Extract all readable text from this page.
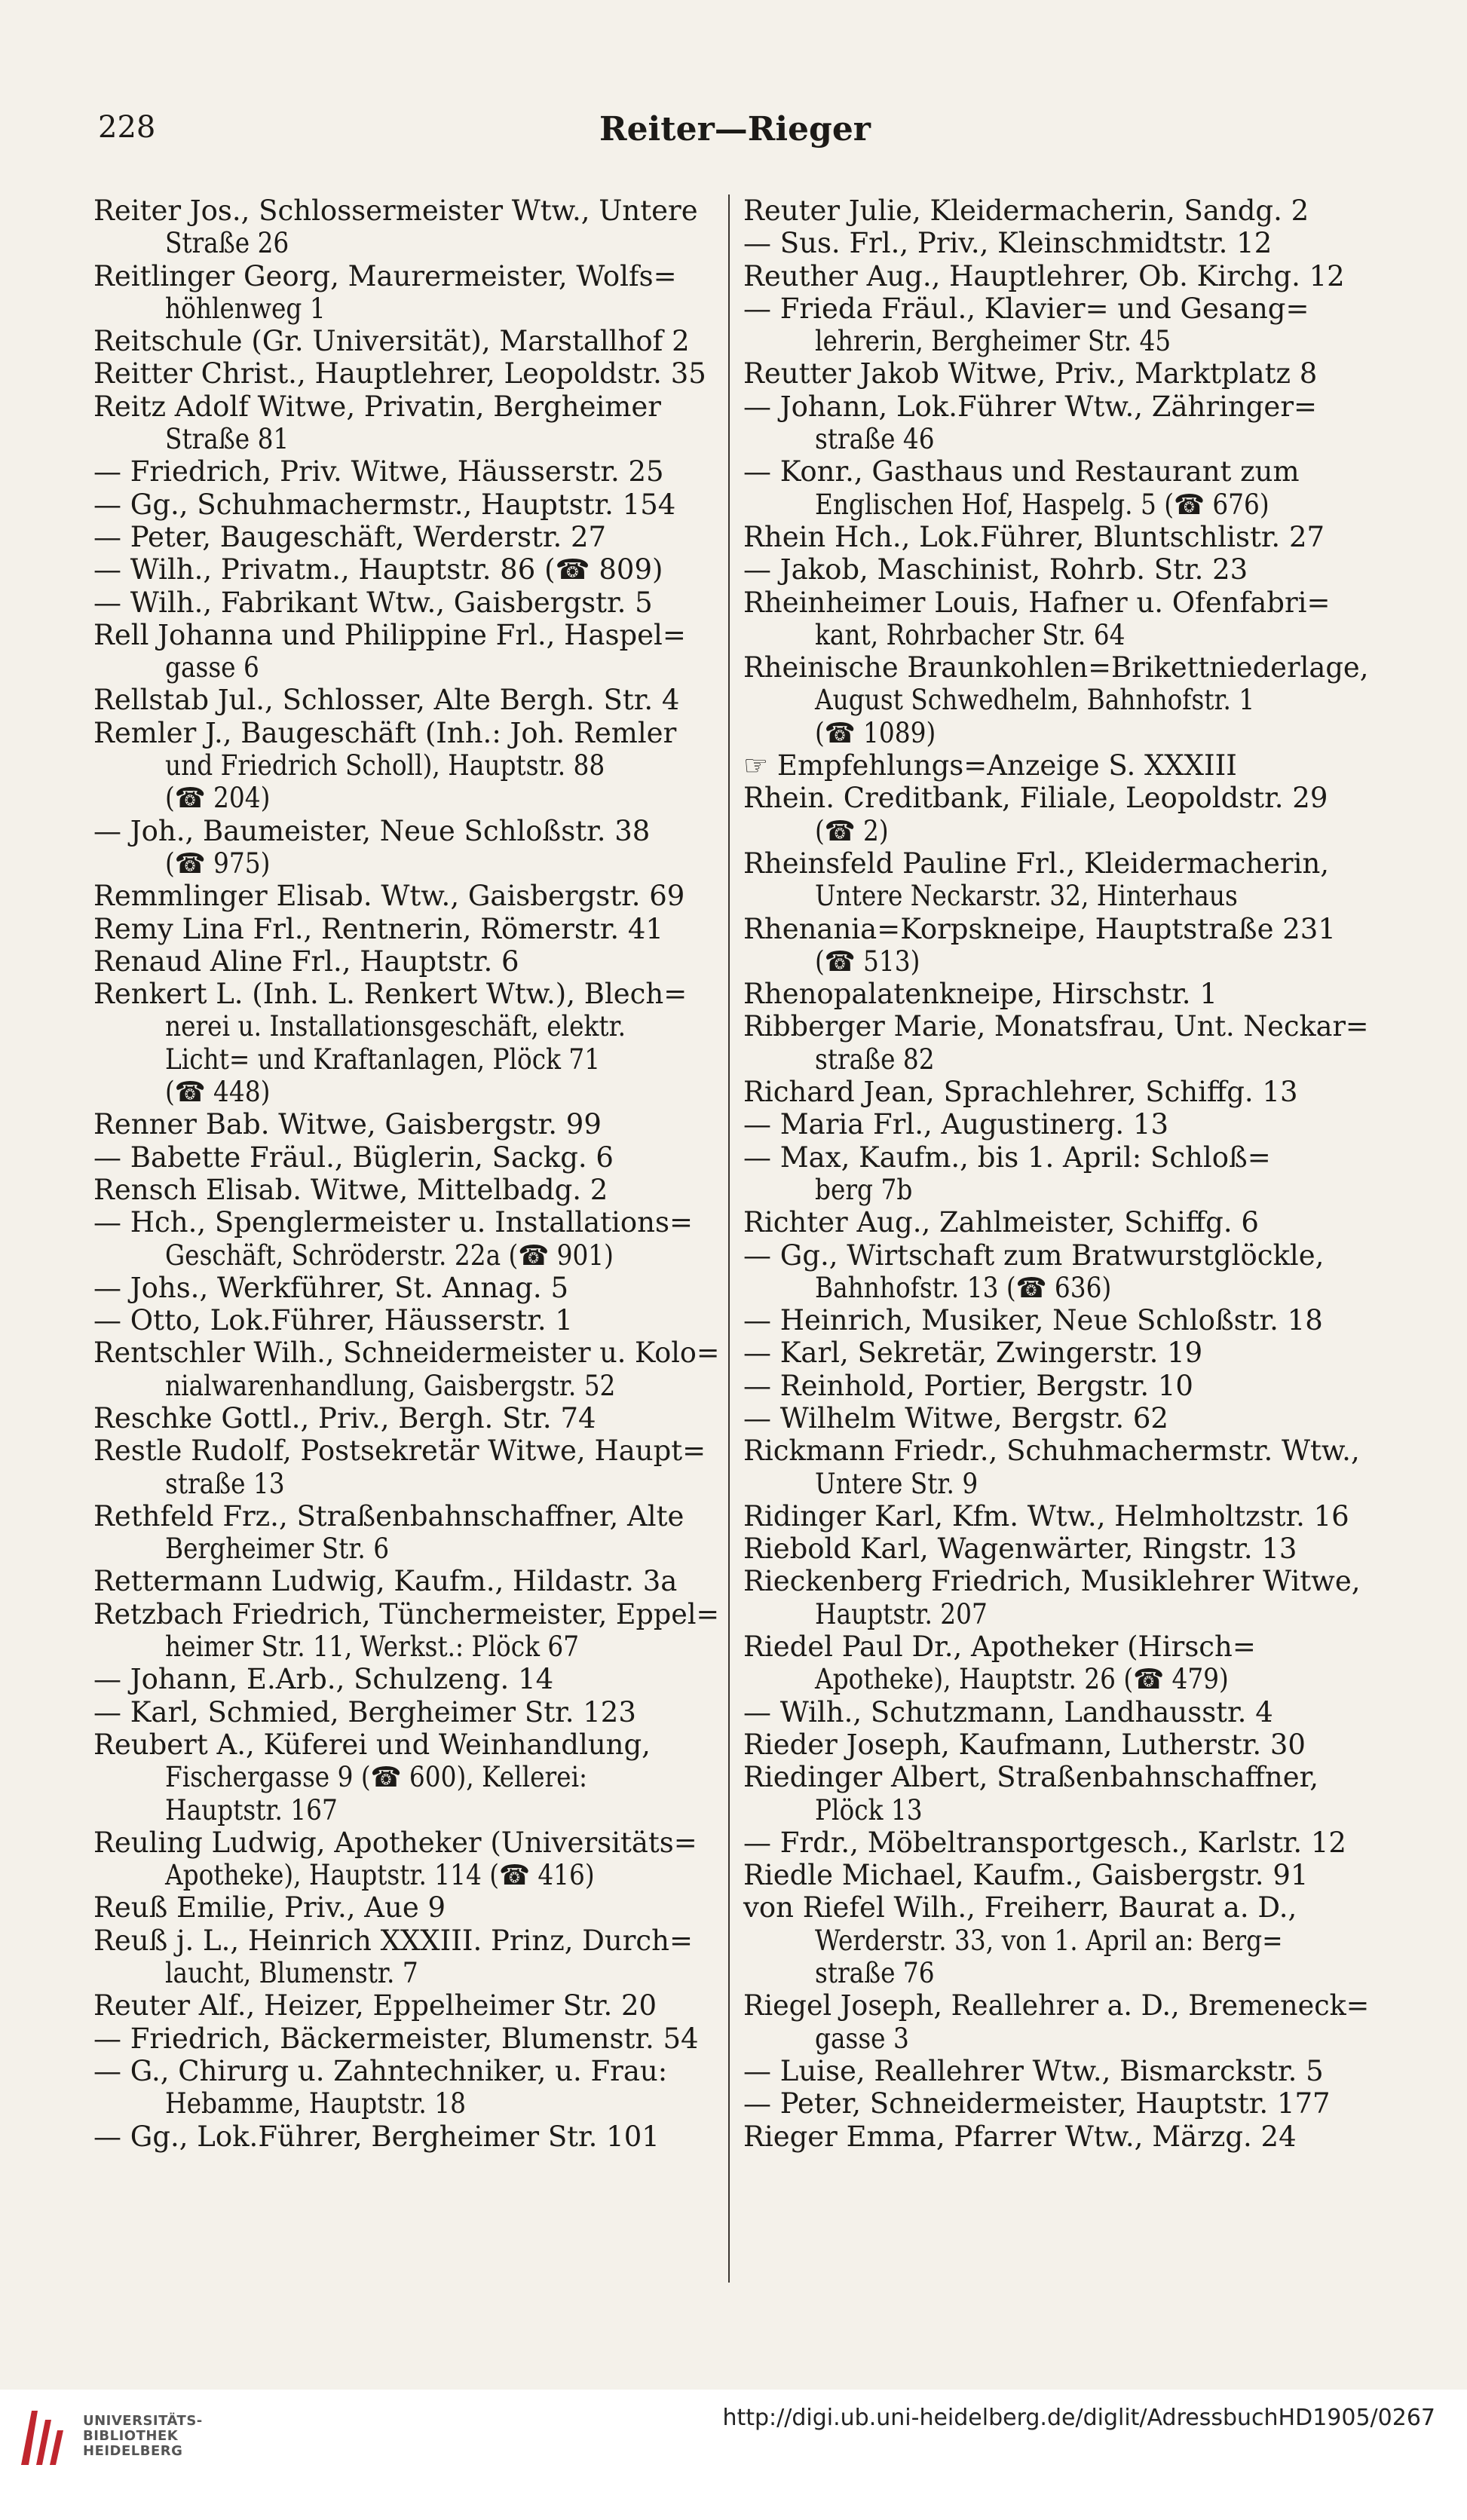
228	Reiter—Rieger
Reiter Jos., Schlossermeister Wtw., Untere
Straße 26
Reitlinger Georg, Maurermeister, Wolfs=
höhlenweg 1
Reitschule (Gr. Universität), Marstallhof 2
Reitter Christ., Hauptlehrer, Leopoldstr. 35
Reitz Adolf Witwe, Privatin, Bergheimer
Straße 81
— Friedrich, Priv. Witwe, Häusserstr. 25
— Gg., Schuhmachermstr., Hauptstr. 154
— Peter, Baugeschäft, Werderstr. 27
— Wilh., Privatm., Hauptstr. 86 (☎ 809)
— Wilh., Fabrikant Wtw., Gaisbergstr. 5
Rell Johanna und Philippine Frl., Haspel=
gasse 6
Rellstab Jul., Schlosser, Alte Bergh. Str. 4
Remler J., Baugeschäft (Inh.: Joh. Remler
und Friedrich Scholl), Hauptstr. 88
(☎ 204)
— Joh., Baumeister, Neue Schloßstr. 38
(☎ 975)
Remmlinger Elisab. Wtw., Gaisbergstr. 69
Remy Lina Frl., Rentnerin, Römerstr. 41
Renaud Aline Frl., Hauptstr. 6
Renkert L. (Inh. L. Renkert Wtw.), Blech=
nerei u. Installationsgeschäft, elektr.
Licht= und Kraftanlagen, Plöck 71
(☎ 448)
Renner Bab. Witwe, Gaisbergstr. 99
— Babette Fräul., Büglerin, Sackg. 6
Rensch Elisab. Witwe, Mittelbadg. 2
— Hch., Spenglermeister u. Installations=
Geschäft, Schröderstr. 22a (☎ 901)
— Johs., Werkführer, St. Annag. 5
— Otto, Lok.Führer, Häusserstr. 1
Rentschler Wilh., Schneidermeister u. Kolo=
nialwarenhandlung, Gaisbergstr. 52
Reschke Gottl., Priv., Bergh. Str. 74
Restle Rudolf, Postsekretär Witwe, Haupt=
straße 13
Rethfeld Frz., Straßenbahnschaffner, Alte
Bergheimer Str. 6
Rettermann Ludwig, Kaufm., Hildastr. 3a
Retzbach Friedrich, Tünchermeister, Eppel=
heimer Str. 11, Werkst.: Plöck 67
— Johann, E.Arb., Schulzeng. 14
— Karl, Schmied, Bergheimer Str. 123
Reubert A., Küferei und Weinhandlung,
Fischergasse 9 (☎ 600), Kellerei:
Hauptstr. 167
Reuling Ludwig, Apotheker (Universitäts=
Apotheke), Hauptstr. 114 (☎ 416)
Reuß Emilie, Priv., Aue 9
Reuß j. L., Heinrich XXXIII. Prinz, Durch=
laucht, Blumenstr. 7
Reuter Alf., Heizer, Eppelheimer Str. 20
— Friedrich, Bäckermeister, Blumenstr. 54
— G., Chirurg u. Zahntechniker, u. Frau:
Hebamme, Hauptstr. 18
— Gg., Lok.Führer, Bergheimer Str. 101
Reuter Julie, Kleidermacherin, Sandg. 2
— Sus. Frl., Priv., Kleinschmidtstr. 12
Reuther Aug., Hauptlehrer, Ob. Kirchg. 12
— Frieda Fräul., Klavier= und Gesang=
lehrerin, Bergheimer Str. 45
Reutter Jakob Witwe, Priv., Marktplatz 8
— Johann, Lok.Führer Wtw., Zähringer=
straße 46
— Konr., Gasthaus und Restaurant zum
Englischen Hof, Haspelg. 5 (☎ 676)
Rhein Hch., Lok.Führer, Bluntschlistr. 27
— Jakob, Maschinist, Rohrb. Str. 23
Rheinheimer Louis, Hafner u. Ofenfabri=
kant, Rohrbacher Str. 64
Rheinische Braunkohlen=Brikettniederlage,
August Schwedhelm, Bahnhofstr. 1
(☎ 1089)
☞ Empfehlungs=Anzeige S. XXXIII
Rhein. Creditbank, Filiale, Leopoldstr. 29
(☎ 2)
Rheinsfeld Pauline Frl., Kleidermacherin,
Untere Neckarstr. 32, Hinterhaus
Rhenania=Korpskneipe, Hauptstraße 231
(☎ 513)
Rhenopalatenkneipe, Hirschstr. 1
Ribberger Marie, Monatsfrau, Unt. Neckar=
straße 82
Richard Jean, Sprachlehrer, Schiffg. 13
— Maria Frl., Augustinerg. 13
— Max, Kaufm., bis 1. April: Schloß=
berg 7b
Richter Aug., Zahlmeister, Schiffg. 6
— Gg., Wirtschaft zum Bratwurstglöckle,
Bahnhofstr. 13 (☎ 636)
— Heinrich, Musiker, Neue Schloßstr. 18
— Karl, Sekretär, Zwingerstr. 19
— Reinhold, Portier, Bergstr. 10
— Wilhelm Witwe, Bergstr. 62
Rickmann Friedr., Schuhmachermstr. Wtw.,
Untere Str. 9
Ridinger Karl, Kfm. Wtw., Helmholtzstr. 16
Riebold Karl, Wagenwärter, Ringstr. 13
Rieckenberg Friedrich, Musiklehrer Witwe,
Hauptstr. 207
Riedel Paul Dr., Apotheker (Hirsch=
Apotheke), Hauptstr. 26 (☎ 479)
— Wilh., Schutzmann, Landhausstr. 4
Rieder Joseph, Kaufmann, Lutherstr. 30
Riedinger Albert, Straßenbahnschaffner,
Plöck 13
— Frdr., Möbeltransportgesch., Karlstr. 12
Riedle Michael, Kaufm., Gaisbergstr. 91
von Riefel Wilh., Freiherr, Baurat a. D.,
Werderstr. 33, von 1. April an: Berg=
straße 76
Riegel Joseph, Reallehrer a. D., Bremeneck=
gasse 3
— Luise, Reallehrer Wtw., Bismarckstr. 5
— Peter, Schneidermeister, Hauptstr. 177
Rieger Emma, Pfarrer Wtw., Märzg. 24
UNIVERSITÄTS-
BIBLIOTHEK
HEIDELBERG
http://digi.ub.uni-heidelberg.de/diglit/AdressbuchHD1905/0267
